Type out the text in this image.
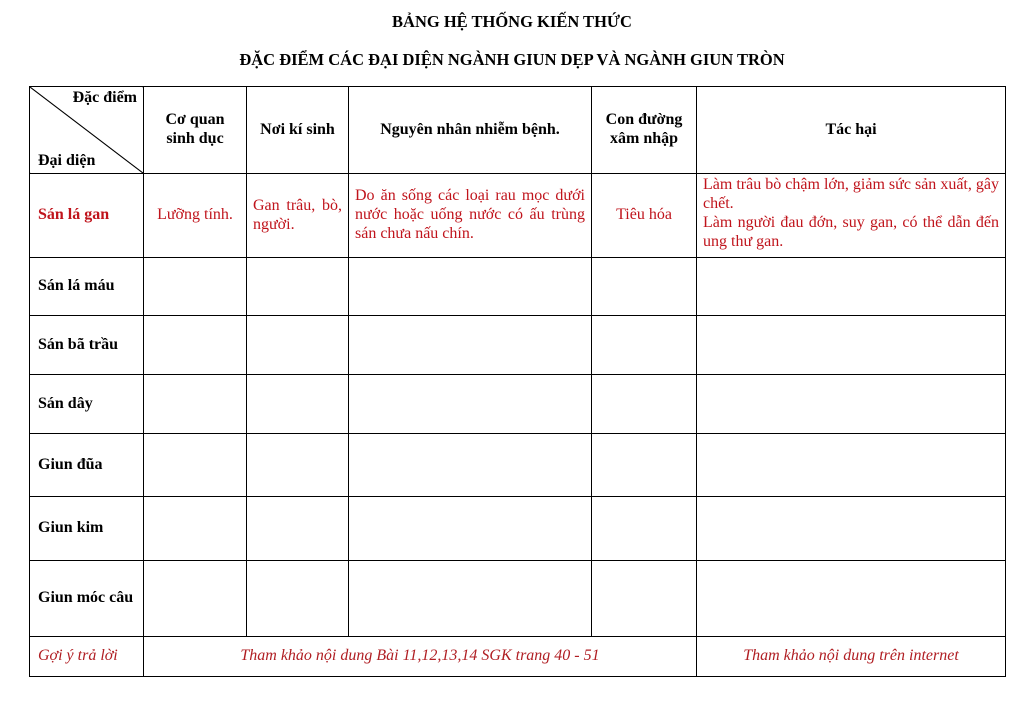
BẢNG HỆ THỐNG KIẾN THỨC

ĐẶC ĐIỂM CÁC ĐẠI DIỆN NGÀNH GIUN DẸP VÀ NGÀNH GIUN TRÒN

Đặc điểm
Đại diện	Cơ quan sinh dục	Nơi kí sinh	Nguyên nhân nhiễm bệnh.	Con đường xâm nhập	Tác hại
Sán lá gan	Lưỡng tính.	Gan trâu, bò, người.	Do ăn sống các loại rau mọc dưới nước hoặc uống nước có ấu trùng sán chưa nấu chín.	Tiêu hóa	Làm trâu bò chậm lớn, giảm sức sản xuất, gây chết.
Làm người đau đớn, suy gan, có thể dẫn đến ung thư gan.

Sán lá máu					
Sán bã trầu					
Sán dây					
Giun đũa					
Giun kim					
Giun móc câu					
Gợi ý trả lời	Tham khảo nội dung Bài 11,12,13,14 SGK trang 40 - 51				Tham khảo nội dung trên internet
